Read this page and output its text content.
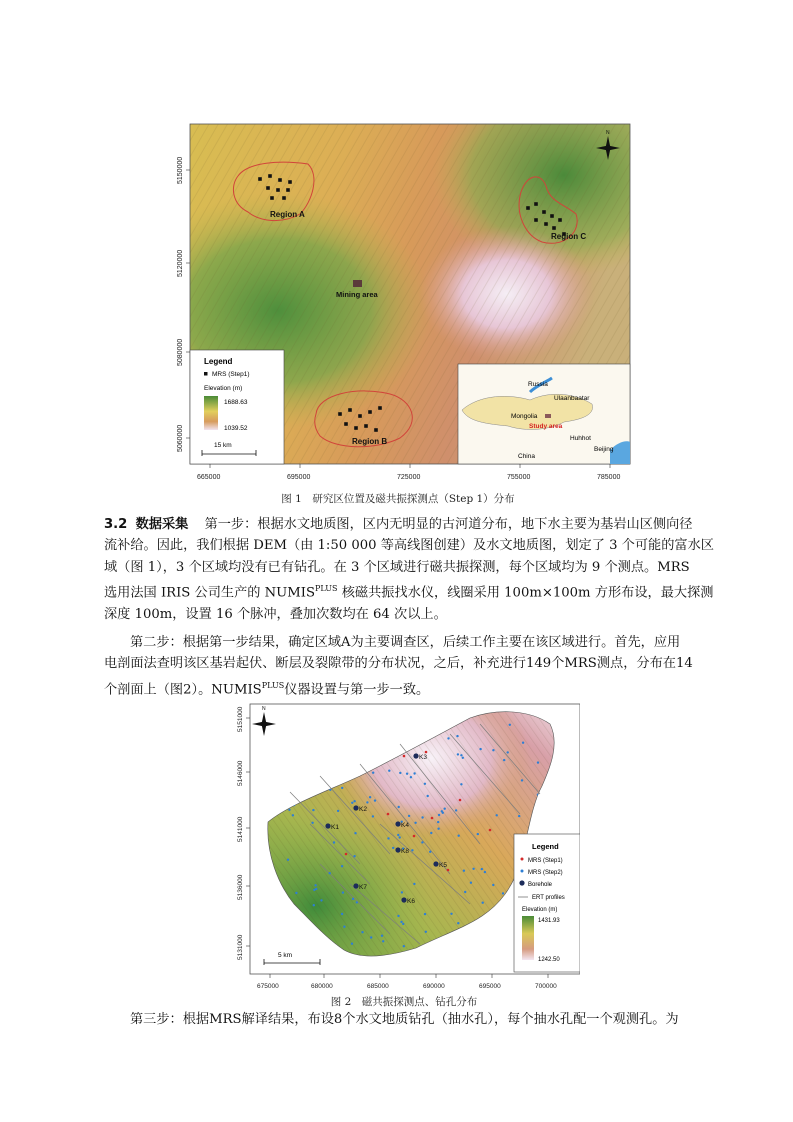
Mining area
Region A
Region C
Region B
N
Legend
MRS (Step1)
Elevation (m)
1688.63
1039.52
15 km
Russia
Ulaanbaatar
Mongolia
Study area
Huhhot
Beijing
China
665000	695000	725000	755000	785000
5150000
5120000
5080000
5060000
图 1　研究区位置及磁共振探测点（Step 1）分布
3.2 数据采集 第一步：根据水文地质图，区内无明显的古河道分布，地下水主要为基岩山区侧向径
流补给。因此，我们根据 DEM（由 1:50 000 等高线图创建）及水文地质图，划定了 3 个可能的富水区
域（图 1），3 个区域均没有已有钻孔。在 3 个区域进行磁共振探测，每个区域均为 9 个测点。MRS
选用法国 IRIS 公司生产的 $NUMIS^{PLUS}$ 核磁共振找水仪，线圈采用 100m×100m 方形布设，最大探测
深度 100m，设置 16 个脉冲，叠加次数均在 64 次以上。
第二步：根据第一步结果，确定区域A为主要调查区，后续工作主要在该区域进行。首先，应用
电剖面法查明该区基岩起伏、断层及裂隙带的分布状况，之后，补充进行149个MRS测点，分布在14
个剖面上（图2）。$NUMIS^{PLUS}$仪器设置与第一步一致。
K1
K2
K3
K4
K5
K6
K7
K8
N
5 km
Legend
MRS (Step1)
MRS (Step2)
Borehole
ERT profiles
Elevation (m)
1431.93
1242.50
675000	680000	685000	690000	695000	700000
5151000
5146000
5141000
5136000
5131000
图 2　磁共振探测点、钻孔分布
第三步：根据MRS解译结果，布设8个水文地质钻孔（抽水孔），每个抽水孔配一个观测孔。为
